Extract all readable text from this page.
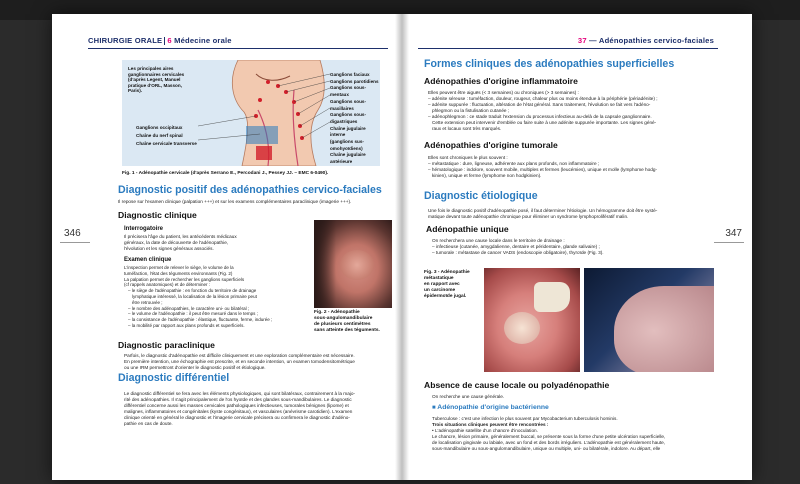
CHIRURGIE ORALE 6 Médecine orale
346
Les principales aires
ganglionnaires cervicales
(d'après Legent, Manuel
pratique d'ORL, Masson,
Paris).
Ganglions occipitaux
Chaîne du nerf spinal
Chaîne cervicale transverse
Ganglions faciaux
Ganglions parotidiens
Ganglions sous-mentaux
Ganglions sous-maxillaires
Ganglions sous-digastriques
Chaîne jugulaire interne
(ganglions sus-omohyoïdiens)
Chaîne jugulaire antérieure
Fig. 1 - Adénopathie cervicale (d'après Serrano E., Percodani J., Pessey JJ. – EMC 6-0490).
Diagnostic positif des adénopathies cervico-faciales
Il repose sur l'examen clinique (palpation +++) et sur les examens complémentaires paraclinique (imagerie +++).
Diagnostic clinique
Interrogatoire

Il précisera l'âge du patient, les antécédents médicaux

généraux, la date de découverte de l'adénopathie,

l'évolution et les signes généraux associés.

Examen clinique

L'inspection permet de relever le siège, le volume de la

tuméfaction, l'état des téguments environnants (Fig. 2)

La palpation permet de rechercher les ganglions superficiels

(cf rappels anatomiques) et de déterminer :

– le siège de l'adénopathie : en fonction du territoire de drainage

lymphatique intéressé, la localisation de la lésion primaire peut

être retrouvée ;

– le nombre des adénopathies, le caractère uni- ou bilatéral ;

– le volume de l'adénopathie : il peut être mesuré dans le temps ;

– la consistance de l'adénopathie : élastique, fluctuante, ferme, indurée ;

– la mobilité par rapport aux plans profonds et superficiels.

Fig. 2 - Adénopathie
sous-angulomandibulaire
de plusieurs centimètres
sans atteinte des téguments.
Diagnostic paraclinique

Parfois, le diagnostic d'adénopathie est difficile cliniquement et une exploration complémentaire est nécessaire.

En première intention, une échographie est prescrite, et en seconde intention, un examen tomodensitométrique

ou une IRM permettront d'orienter le diagnostic positif et étiologique.

Diagnostic différentiel

Le diagnostic différentiel se fera avec les éléments physiologiques, qui sont bilatéraux, contrairement à la majo-

rité des adénopathies. Il s'agit principalement de l'os hyoïde et des glandes sous-mandibulaires. Le diagnostic

différentiel concerne aussi les masses cervicales pathologiques infectieuses, tumorales bénignes (lipome) et

malignes, inflammatoires et congénitales (kyste congénitaux), et vasculaires (anévrisme carotidien). L'examen

clinique orienté en général le diagnostic et l'imagerie cervicale précisera ou confirmera le diagnostic d'adéno-

pathie en cas de doute.

37 — Adénopathies cervico-faciales
347
Formes cliniques des adénopathies superficielles
Adénopathies d'origine inflammatoire

Elles peuvent être aiguës (< 3 semaines) ou chroniques (> 3 semaines) :

– adénite séreuse : tuméfaction, douleur, rougeur, chaleur plus ou moins étendue à la périphérie (périadénite) ;

– adénite suppurée : fluctuation, altération de l'état général. Sans traitement, l'évolution se fait vers l'adéno-

phlegmon ou la fistulisation cutanée ;

– adénophlegmon : ce stade traduit l'extension du processus infectieux au-delà de la capsule ganglionnaire.

Cette extension peut intervenir d'emblée ou faire suite à une adénite suppurée importante. Les signes géné-

raux et locaux sont très marqués.

Adénopathies d'origine tumorale

Elles sont chroniques le plus souvent :

– métastatique : dure, ligneuse, adhérente aux plans profonds, non inflammatoire ;

– hématologique : indolore, souvent mobile, multiples et fermes (leucémies), unique et molle (lymphome hodg-

kinien), unique et ferme (lymphome non hodgkinien).

Diagnostic étiologique

Une fois le diagnostic positif d'adénopathie posé, il faut déterminer l'étiologie. Un hémogramme doit être systé-

matique devant toute adénopathie chronique pour éliminer un syndrome lymphoprolifératif malin.

Adénopathie unique

On recherchera une cause locale dans le territoire de drainage :

– infectieuse (cutanée, amygdalienne, dentaire et péridentaire, glande salivaire) ;

– tumorale : métastase de cancer VADS (endoscopie obligatoire), thyroïde (Fig. 3).

Fig. 3 - Adénopathie
métastatique
en rapport avec
un carcinome
épidermoïde jugal.
Absence de cause locale ou polyadénopathie
On recherche une cause générale.
■ Adénopathie d'origine bactérienne

Tuberculose : c'est une infection le plus souvent par Mycobacterium tuberculosis hominis.

Trois situations cliniques peuvent être rencontrées :

• L'adénopathie satellite d'un chancre d'inoculation.

Le chancre, lésion primaire, généralement buccal, se présente sous la forme d'une petite ulcération superficielle,

de localisation gingivale ou labiale, avec un fond et des bords irréguliers. L'adénopathie est généralement haute,

sous-mandibulaire ou sous-angulomandibulaire, unique ou multiple, uni- ou bilatérale, indolore. Au départ, elle
